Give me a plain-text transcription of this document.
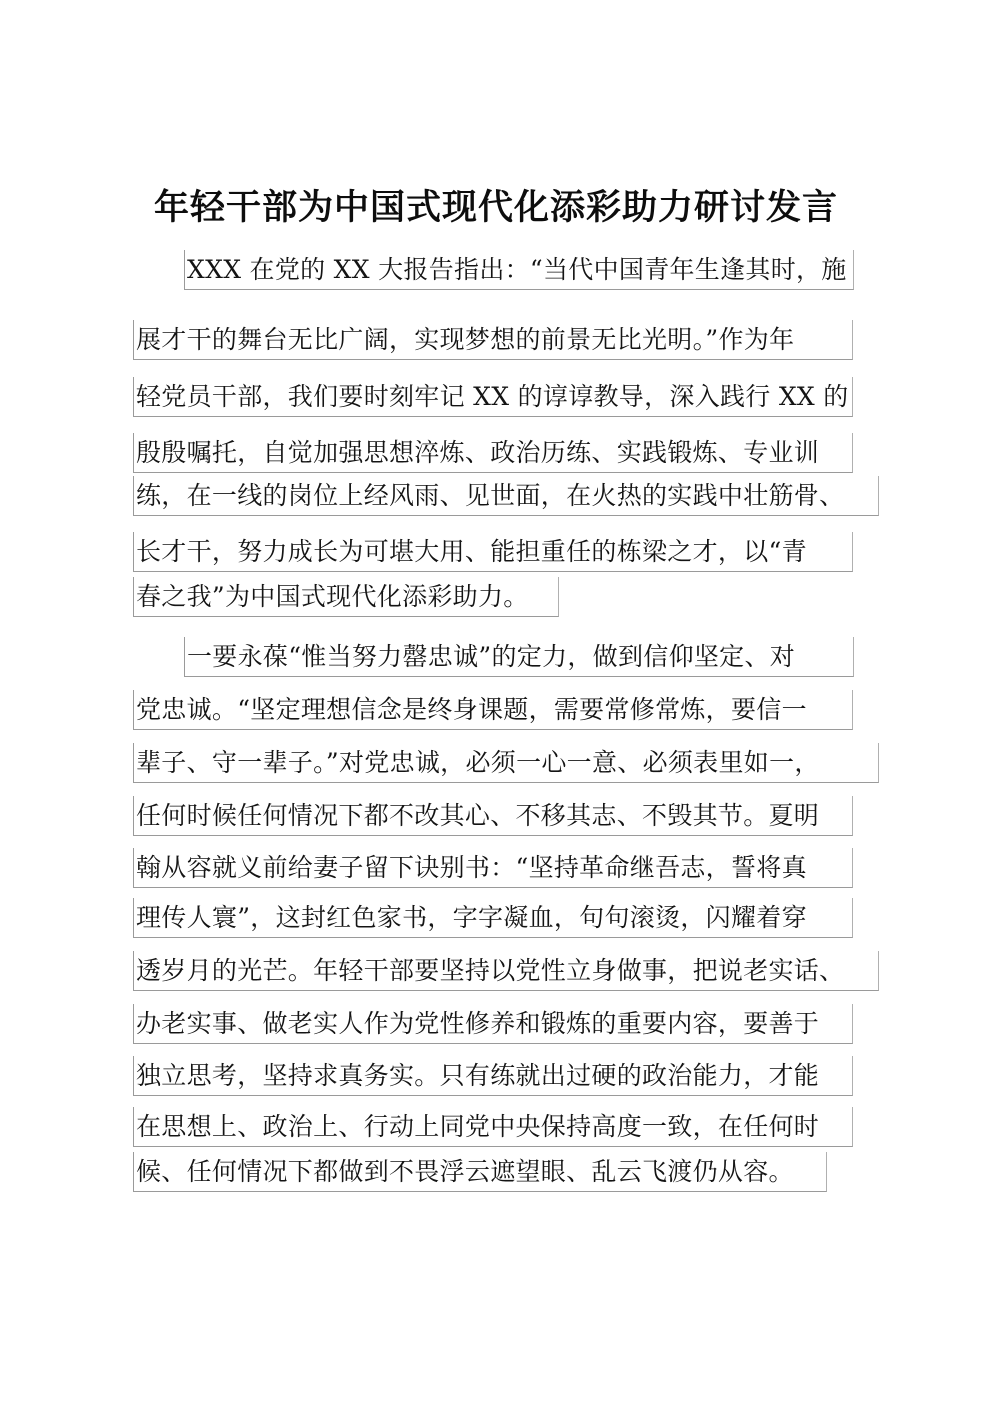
年轻干部为中国式现代化添彩助力研讨发言
XXX 在党的 XX 大报告指出：“当代中国青年生逢其时，施
展才干的舞台无比广阔，实现梦想的前景无比光明。”作为年
轻党员干部，我们要时刻牢记 XX 的谆谆教导，深入践行 XX 的
殷殷嘱托，自觉加强思想淬炼、政治历练、实践锻炼、专业训
练，在一线的岗位上经风雨、见世面，在火热的实践中壮筋骨、
长才干，努力成长为可堪大用、能担重任的栋梁之才，以“青
春之我”为中国式现代化添彩助力。
一要永葆“惟当努力罄忠诚”的定力，做到信仰坚定、对
党忠诚。“坚定理想信念是终身课题，需要常修常炼，要信一
辈子、守一辈子。”对党忠诚，必须一心一意、必须表里如一，
任何时候任何情况下都不改其心、不移其志、不毁其节。夏明
翰从容就义前给妻子留下诀别书：“坚持革命继吾志，誓将真
理传人寰”，这封红色家书，字字凝血，句句滚烫，闪耀着穿
透岁月的光芒。年轻干部要坚持以党性立身做事，把说老实话、
办老实事、做老实人作为党性修养和锻炼的重要内容，要善于
独立思考，坚持求真务实。只有练就出过硬的政治能力，才能
在思想上、政治上、行动上同党中央保持高度一致，在任何时
候、任何情况下都做到不畏浮云遮望眼、乱云飞渡仍从容。
